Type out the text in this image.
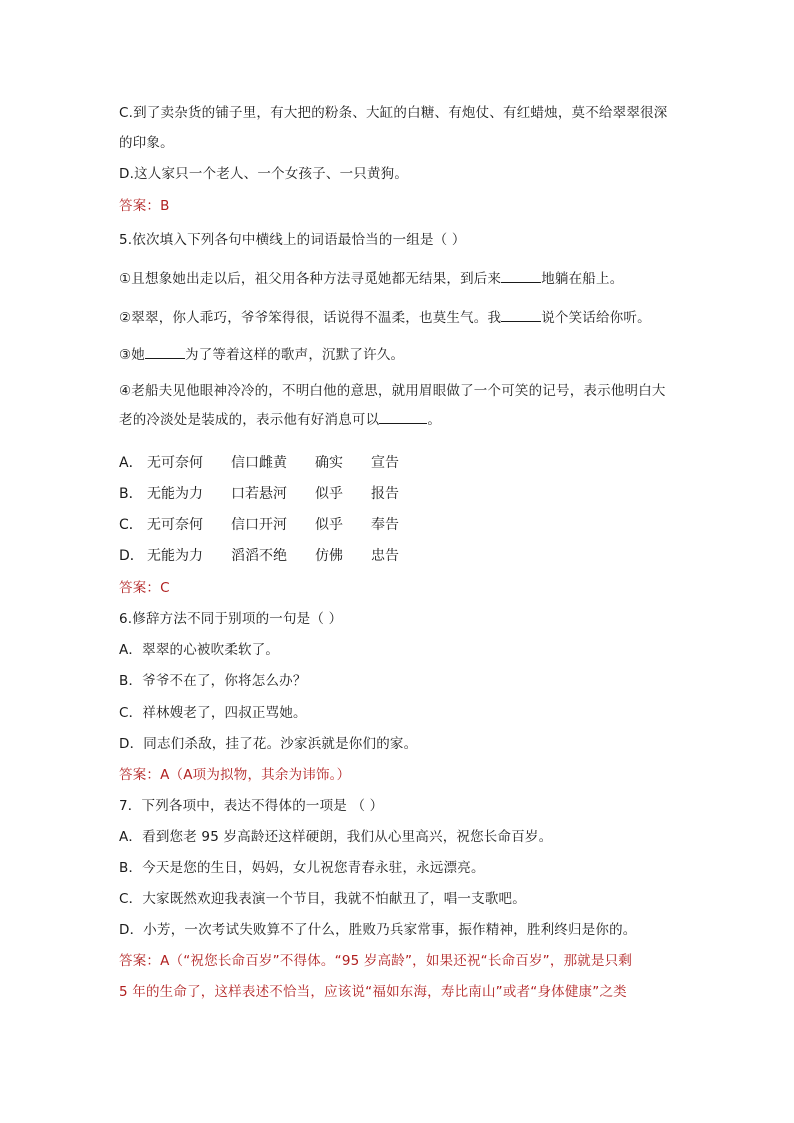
C.到了卖杂货的铺子里，有大把的粉条、大缸的白糖、有炮仗、有红蜡烛，莫不给翠翠很深
的印象。
D.这人家只一个老人、一个女孩子、一只黄狗。
答案：B
5.依次填入下列各句中横线上的词语最恰当的一组是（ ）
①且想象她出走以后，祖父用各种方法寻觅她都无结果，到后来	地躺在船上。
②翠翠，你人乖巧，爷爷笨得很，话说得不温柔，也莫生气。我	说个笑话给你听。
③她	为了等着这样的歌声，沉默了许久。
④老船夫见他眼神冷冷的，不明白他的意思，就用眉眼做了一个可笑的记号，表示他明白大
老的冷淡处是装成的，表示他有好消息可以	。
A． 无可奈何 信口雌黄 确实 宣告
B． 无能为力 口若悬河 似乎 报告
C． 无可奈何 信口开河 似乎 奉告
D． 无能为力 滔滔不绝 仿佛 忠告
答案：C
6.修辞方法不同于别项的一句是（ ）
A．翠翠的心被吹柔软了。
B．爷爷不在了，你将怎么办？
C．祥林嫂老了，四叔正骂她。
D．同志们杀敌，挂了花。沙家浜就是你们的家。
答案：A（A项为拟物，其余为讳饰。）
7．下列各项中，表达不得体的一项是 （ ）
A．看到您老 95 岁高龄还这样硬朗，我们从心里高兴，祝您长命百岁。
B．今天是您的生日，妈妈，女儿祝您青春永驻，永远漂亮。
C．大家既然欢迎我表演一个节目，我就不怕献丑了，唱一支歌吧。
D．小芳，一次考试失败算不了什么，胜败乃兵家常事，振作精神，胜利终归是你的。
答案：A（“祝您长命百岁”不得体。“95 岁高龄”，如果还祝“长命百岁”，那就是只剩
5 年的生命了，这样表述不恰当，应该说“福如东海，寿比南山”或者“身体健康”之类
